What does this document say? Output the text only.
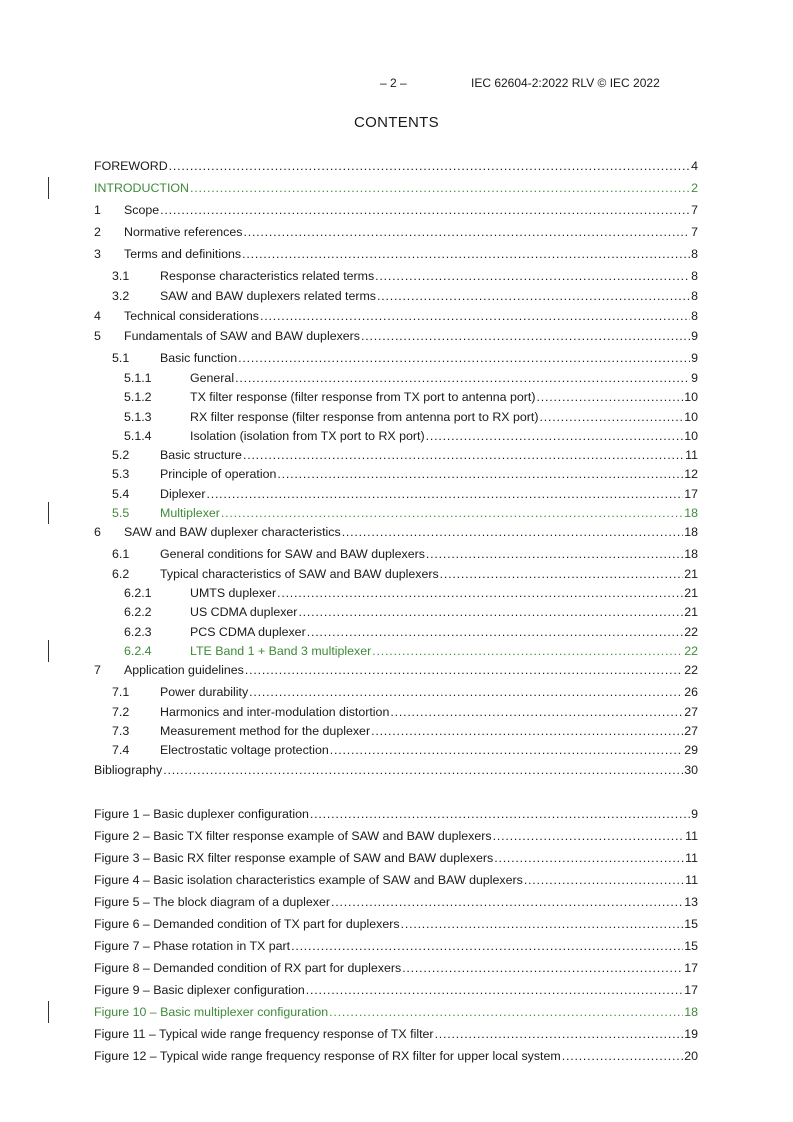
– 2 –	IEC 62604-2:2022 RLV © IEC 2022
CONTENTS
FOREWORD .....	4
INTRODUCTION .....	2
1	Scope .....	7
2	Normative references .....	7
3	Terms and definitions .....	8
3.1	Response characteristics related terms .....	8
3.2	SAW and BAW duplexers related terms .....	8
4	Technical considerations .....	8
5	Fundamentals of SAW and BAW duplexers .....	9
5.1	Basic function .....	9
5.1.1	General .....	9
5.1.2	TX filter response (filter response from TX port to antenna port) .....	10
5.1.3	RX filter response (filter response from antenna port to RX port) .....	10
5.1.4	Isolation (isolation from TX port to RX port) .....	10
5.2	Basic structure .....	11
5.3	Principle of operation .....	12
5.4	Diplexer .....	17
5.5	Multiplexer .....	18
6	SAW and BAW duplexer characteristics .....	18
6.1	General conditions for SAW and BAW duplexers .....	18
6.2	Typical characteristics of SAW and BAW duplexers .....	21
6.2.1	UMTS duplexer .....	21
6.2.2	US CDMA duplexer .....	21
6.2.3	PCS CDMA duplexer .....	22
6.2.4	LTE Band 1 + Band 3 multiplexer .....	22
7	Application guidelines .....	22
7.1	Power durability .....	26
7.2	Harmonics and inter-modulation distortion .....	27
7.3	Measurement method for the duplexer .....	27
7.4	Electrostatic voltage protection .....	29
Bibliography .....	30
Figure 1 – Basic duplexer configuration .....	9
Figure 2 – Basic TX filter response example of SAW and BAW duplexers .....	11
Figure 3 – Basic RX filter response example of SAW and BAW duplexers .....	11
Figure 4 – Basic isolation characteristics example of SAW and BAW duplexers .....	11
Figure 5 – The block diagram of a duplexer .....	13
Figure 6 – Demanded condition of TX part for duplexers .....	15
Figure 7 – Phase rotation in TX part .....	15
Figure 8 – Demanded condition of RX part for duplexers .....	17
Figure 9 – Basic diplexer configuration .....	17
Figure 10 – Basic multiplexer configuration .....	18
Figure 11 – Typical wide range frequency response of TX filter .....	19
Figure 12 – Typical wide range frequency response of RX filter for upper local system .....	20
